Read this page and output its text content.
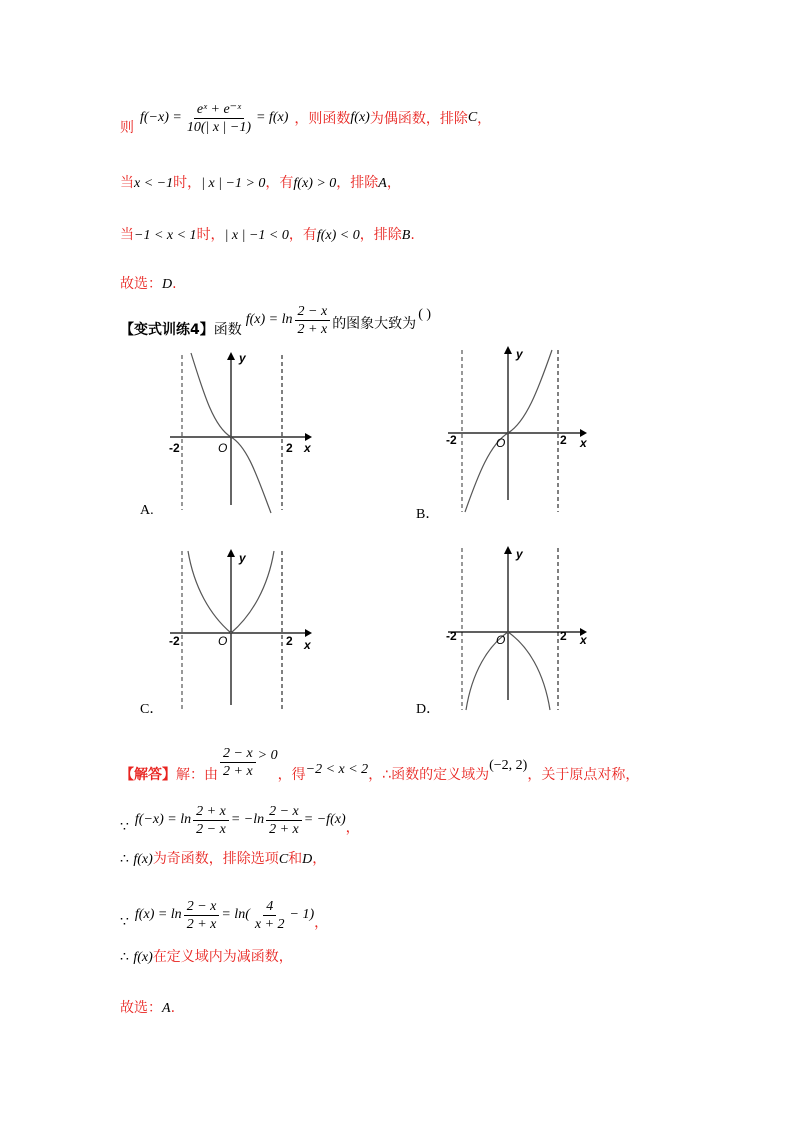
则
$f(-x) = \frac{\text{eˣ + e⁻ˣ}}{10(| x | -1)} = f(x)$ ，则函数 f(x) 为偶函数，排除 C ，
当x < −1时，| x | −1 > 0，有f(x) > 0，排除A，
当−1 < x < 1时，| x | −1 < 0，有f(x) < 0，排除B.
故选：D.
【变式训练4】 函数
$f(x) = \ln \frac{2 - x}{2 + x}$ 的图象大致为
( )
y
x
O
-2	2
A.
y
x
O
-2	2
B．
y
x
O
-2	2
C．
y
x
O
-2	2
D．
【解答】 解：由 $\frac{2 - x}{2 + x} > 0$
，得 −2 < x < 2 ，∴函数的定义域为
(−2, 2)
，关于原点对称，
∵ $f(-x) = \ln \frac{2 + x}{2 - x} = -\ln \frac{2 - x}{2 + x} = -f(x)$
，
∴ f(x)为奇函数，排除选项C和D，
∵ $f(x) = \ln \frac{2 - x}{2 + x} = \ln( \frac{4}{x + 2} - 1)$
，
∴ f(x)在定义域内为减函数，
故选：A.
